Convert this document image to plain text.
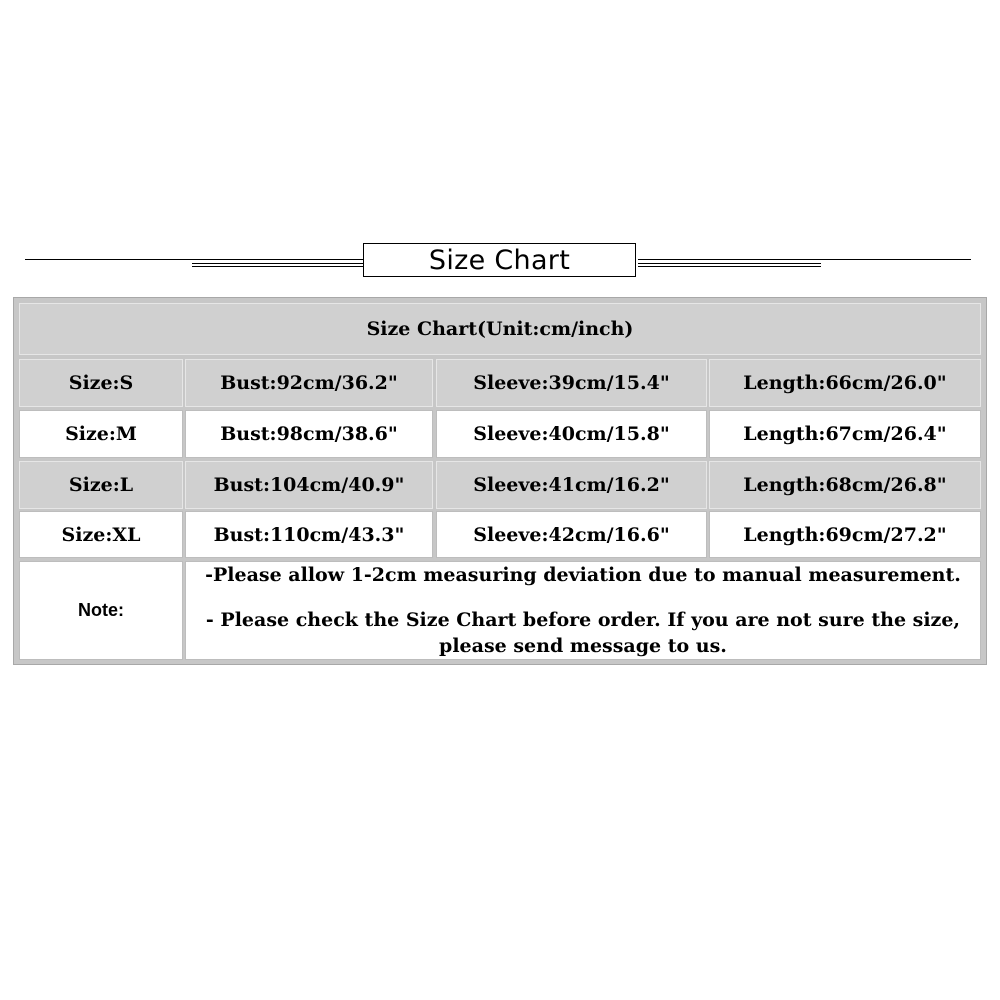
Size Chart
Size Chart(Unit:cm/inch)
Size:S	Bust:92cm/36.2"	Sleeve:39cm/15.4"	Length:66cm/26.0"
Size:M	Bust:98cm/38.6"	Sleeve:40cm/15.8"	Length:67cm/26.4"
Size:L	Bust:104cm/40.9"	Sleeve:41cm/16.2"	Length:68cm/26.8"
Size:XL	Bust:110cm/43.3"	Sleeve:42cm/16.6"	Length:69cm/27.2"
Note:

-Please allow 1-2cm measuring deviation due to manual measurement.

- Please check the Size Chart before order. If you are not sure the size,

please send message to us.
